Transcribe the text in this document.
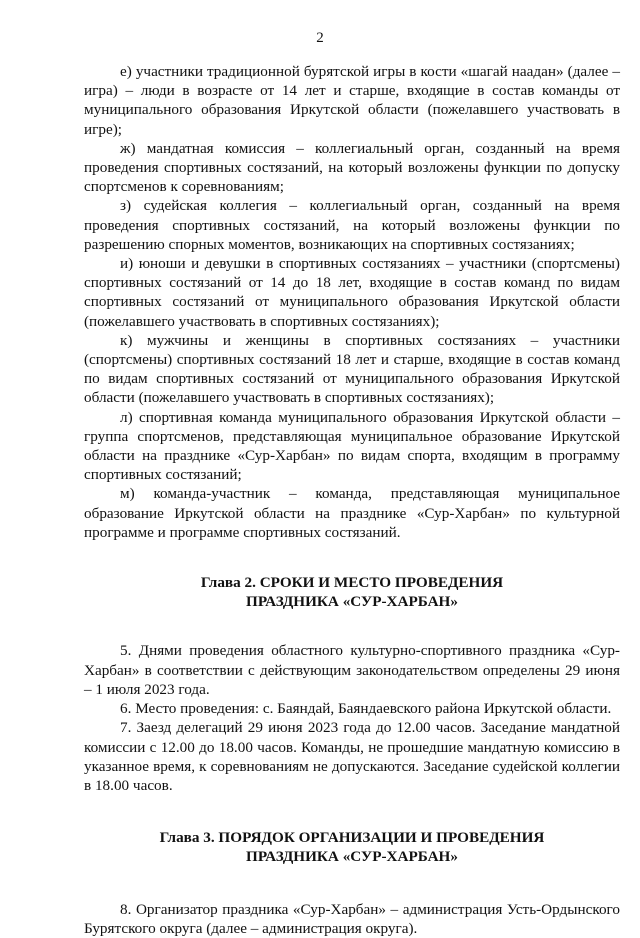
2

е) участники традиционной бурятской игры в кости «шагай наадан» (далее – игра) – люди в возрасте от 14 лет и старше, входящие в состав команды от муниципального образования Иркутской области (пожелавшего участвовать в игре);

ж) мандатная комиссия – коллегиальный орган, созданный на время проведения спортивных состязаний, на который возложены функции по допуску спортсменов к соревнованиям;

з) судейская коллегия – коллегиальный орган, созданный на время проведения спортивных состязаний, на который возложены функции по разрешению спорных моментов, возникающих на спортивных состязаниях;

и) юноши и девушки в спортивных состязаниях – участники (спортсмены) спортивных состязаний от 14 до 18 лет, входящие в состав команд по видам спортивных состязаний от муниципального образования Иркутской области (пожелавшего участвовать в спортивных состязаниях);

к) мужчины и женщины в спортивных состязаниях – участники (спортсмены) спортивных состязаний 18 лет и старше, входящие в состав команд по видам спортивных состязаний от муниципального образования Иркутской области (пожелавшего участвовать в спортивных состязаниях);

л) спортивная команда муниципального образования Иркутской области – группа спортсменов, представляющая муниципальное образование Иркутской области на празднике «Сур-Харбан» по видам спорта, входящим в программу спортивных состязаний;

м) команда-участник – команда, представляющая муниципальное образование Иркутской области на празднике «Сур-Харбан» по культурной программе и программе спортивных состязаний.

Глава 2. СРОКИ И МЕСТО ПРОВЕДЕНИЯ
ПРАЗДНИКА «СУР-ХАРБАН»

5. Днями проведения областного культурно-спортивного праздника «Сур-Харбан» в соответствии с действующим законодательством определены 29 июня – 1 июля 2023 года.

6. Место проведения: с. Баяндай, Баяндаевского района Иркутской области.

7. Заезд делегаций 29 июня 2023 года до 12.00 часов. Заседание мандатной комиссии с 12.00 до 18.00 часов. Команды, не прошедшие мандатную комиссию в указанное время, к соревнованиям не допускаются. Заседание судейской коллегии в 18.00 часов.

Глава 3. ПОРЯДОК ОРГАНИЗАЦИИ И ПРОВЕДЕНИЯ
ПРАЗДНИКА «СУР-ХАРБАН»

8. Организатор праздника «Сур-Харбан» – администрация Усть-Ордынского Бурятского округа (далее – администрация округа).
